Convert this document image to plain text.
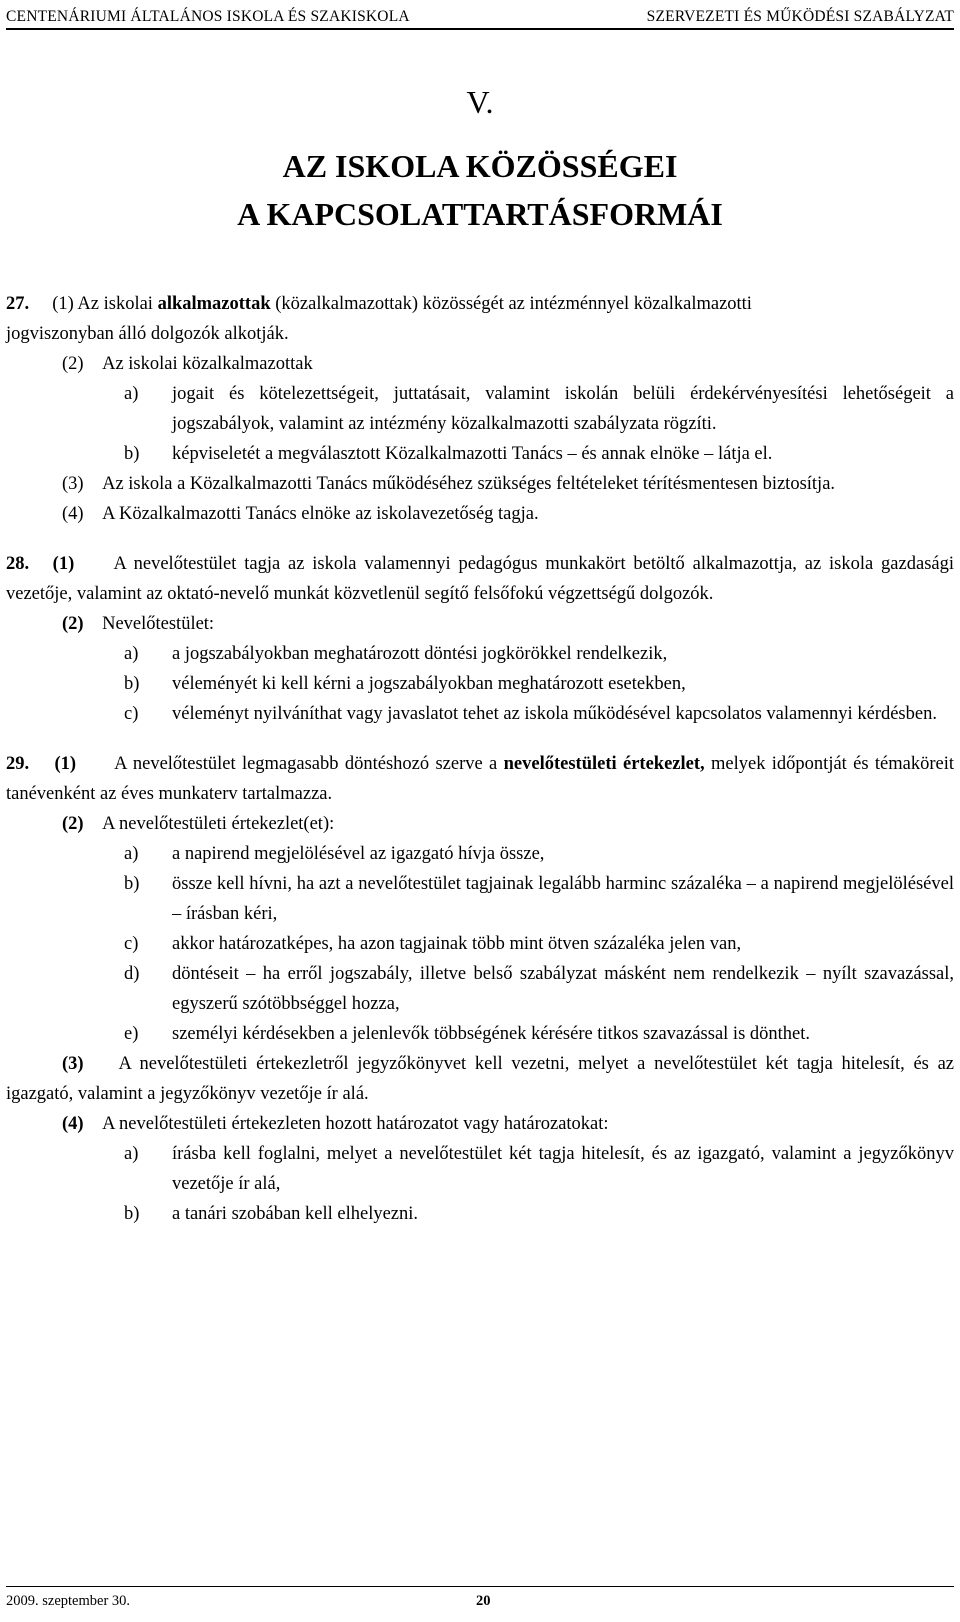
CENTENÁRIUMI ÁLTALÁNOS ISKOLA ÉS SZAKISKOLA	SZERVEZETI ÉS MŰKÖDÉSI SZABÁLYZAT
V.
AZ ISKOLA KÖZÖSSÉGEI
A KAPCSOLATTARTÁSFORMÁI

27. (1) Az iskolai alkalmazottak (közalkalmazottak) közösségét az intézménnyel közalkalmazotti

jogviszonyban álló dolgozók alkotják.

(2) Az iskolai közalkalmazottak

a) jogait és kötelezettségeit, juttatásait, valamint iskolán belüli érdekérvényesítési lehetőségeit a jogszabályok, valamint az intézmény közalkalmazotti szabályzata rögzíti.
b) képviseletét a megválasztott Közalkalmazotti Tanács – és annak elnöke – látja el.

(3) Az iskola a Közalkalmazotti Tanács működéséhez szükséges feltételeket térítésmentesen biztosítja.

(4) A Közalkalmazotti Tanács elnöke az iskolavezetőség tagja.

28. (1) A nevelőtestület tagja az iskola valamennyi pedagógus munkakört betöltő alkalmazottja, az iskola gazdasági vezetője, valamint az oktató-nevelő munkát közvetlenül segítő felsőfokú végzettségű dolgozók.

(2) Nevelőtestület:

a) a jogszabályokban meghatározott döntési jogkörökkel rendelkezik,
b) véleményét ki kell kérni a jogszabályokban meghatározott esetekben,
c) véleményt nyilváníthat vagy javaslatot tehet az iskola működésével kapcsolatos valamennyi kérdésben.

29. (1) A nevelőtestület legmagasabb döntéshozó szerve a nevelőtestületi értekezlet, melyek időpontját és témaköreit tanévenként az éves munkaterv tartalmazza.

(2) A nevelőtestületi értekezlet(et):

a) a napirend megjelölésével az igazgató hívja össze,
b) össze kell hívni, ha azt a nevelőtestület tagjainak legalább harminc százaléka – a napirend megjelölésével – írásban kéri,
c) akkor határozatképes, ha azon tagjainak több mint ötven százaléka jelen van,
d) döntéseit – ha erről jogszabály, illetve belső szabályzat másként nem rendelkezik – nyílt szavazással, egyszerű szótöbbséggel hozza,
e) személyi kérdésekben a jelenlevők többségének kérésére titkos szavazással is dönthet.

(3) A nevelőtestületi értekezletről jegyzőkönyvet kell vezetni, melyet a nevelőtestület két tagja hitelesít, és az igazgató, valamint a jegyzőkönyv vezetője ír alá.

(4) A nevelőtestületi értekezleten hozott határozatot vagy határozatokat:

a) írásba kell foglalni, melyet a nevelőtestület két tagja hitelesít, és az igazgató, valamint a jegyzőkönyv vezetője ír alá,
b) a tanári szobában kell elhelyezni.
2009. szeptember 30.	20
